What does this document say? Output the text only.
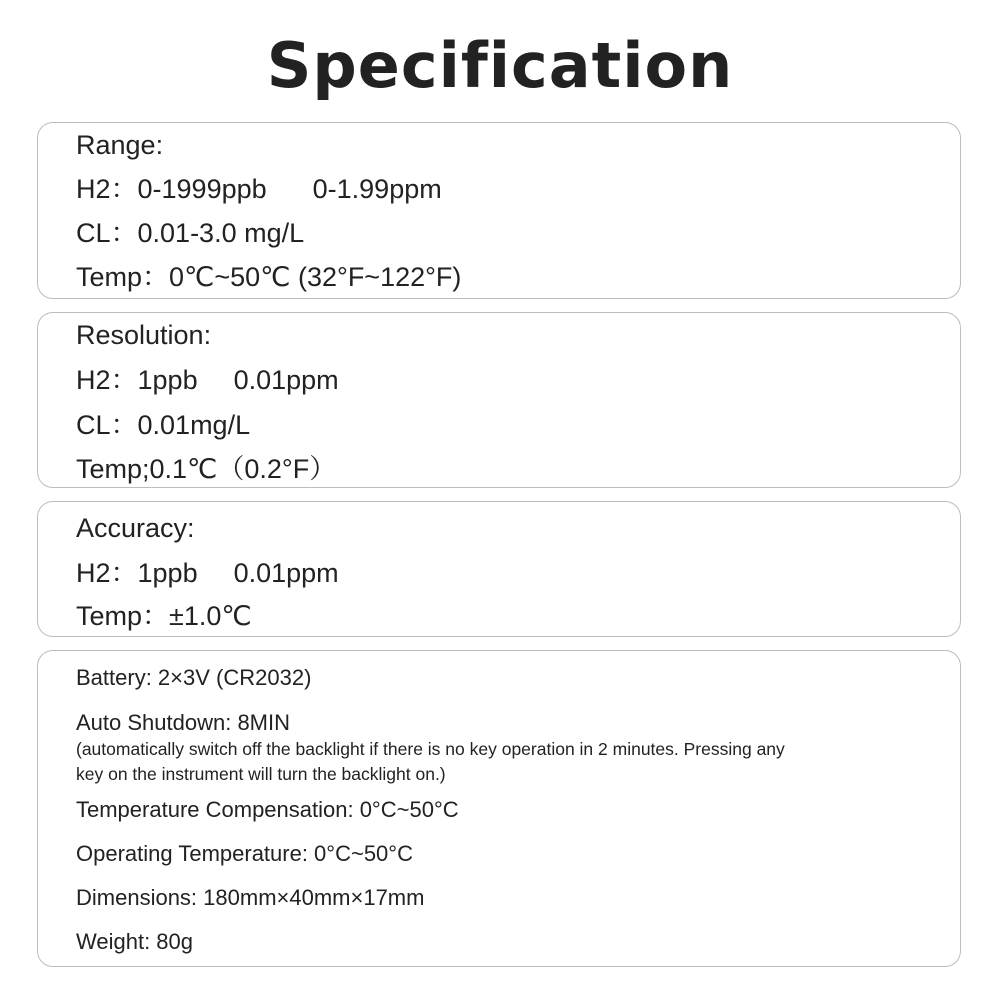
Specification
Range:
H2：0-1999ppb 0-1.99ppm
CL：0.01-3.0 mg/L
Temp：0℃~50℃ (32°F~122°F)
Resolution:
H2：1ppb 0.01ppm
CL：0.01mg/L
Temp;0.1℃（0.2°F）
Accuracy:
H2：1ppb 0.01ppm
Temp：±1.0℃
Battery: 2×3V (CR2032)
Auto Shutdown: 8MIN
(automatically switch off the backlight if there is no key operation in 2 minutes. Pressing any
key on the instrument will turn the backlight on.)
Temperature Compensation: 0°C~50°C
Operating Temperature: 0°C~50°C
Dimensions: 180mm×40mm×17mm
Weight: 80g
